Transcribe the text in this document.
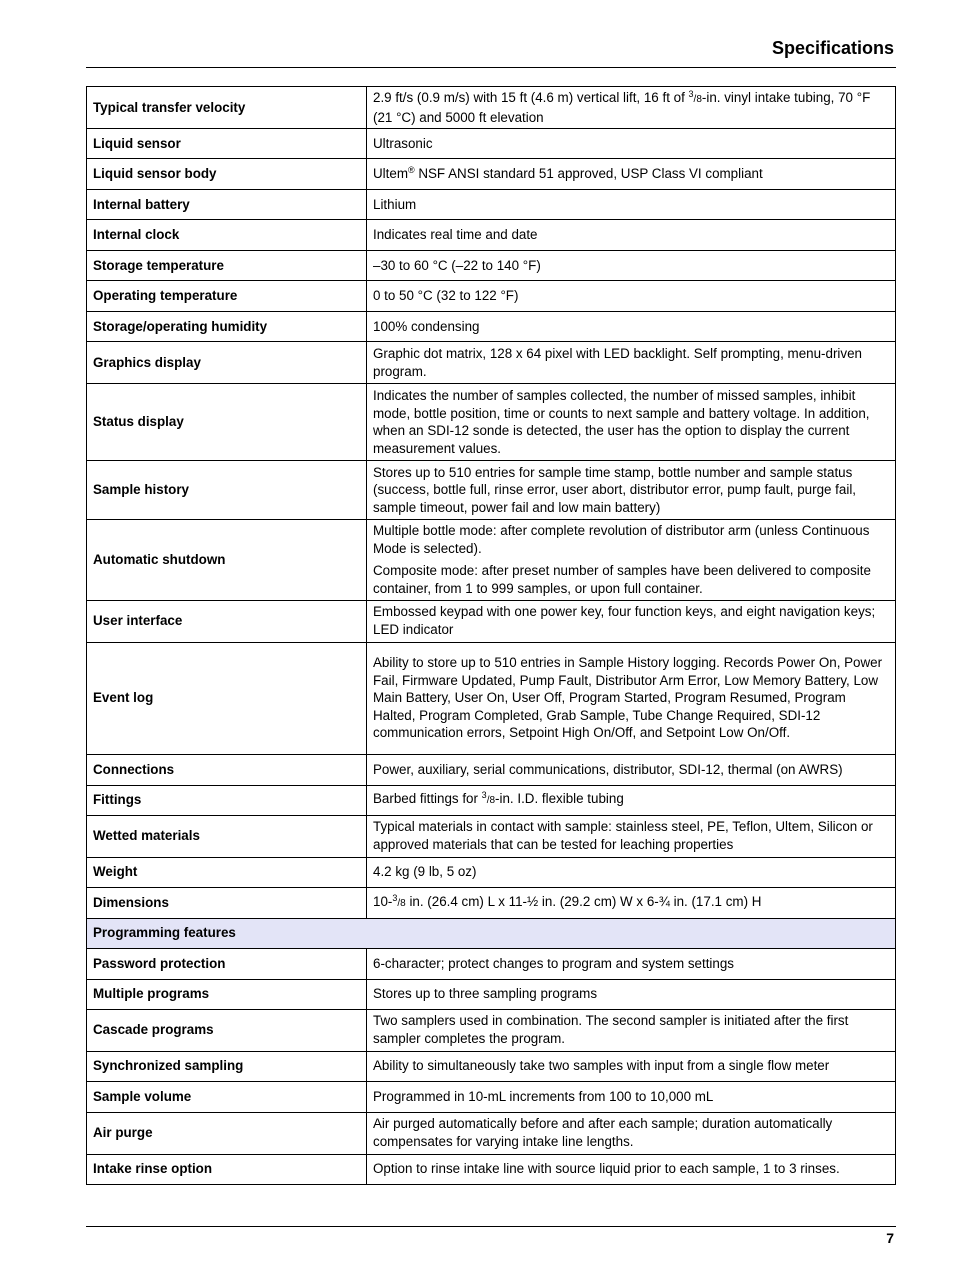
Specifications
Typical transfer velocity	2.9 ft/s (0.9 m/s) with 15 ft (4.6 m) vertical lift, 16 ft of $^3$/8-in. vinyl intake tubing, 70 °F (21 °C) and 5000 ft elevation
Liquid sensor	Ultrasonic
Liquid sensor body	Ultem® NSF ANSI standard 51 approved, USP Class VI compliant
Internal battery	Lithium
Internal clock	Indicates real time and date
Storage temperature	–30 to 60 °C (–22 to 140 °F)
Operating temperature	0 to 50 °C (32 to 122 °F)
Storage/operating humidity	100% condensing
Graphics display	Graphic dot matrix, 128 x 64 pixel with LED backlight. Self prompting, menu-driven program.
Status display	Indicates the number of samples collected, the number of missed samples, inhibit mode, bottle position, time or counts to next sample and battery voltage. In addition, when an SDI-12 sonde is detected, the user has the option to display the current measurement values.
Sample history	Stores up to 510 entries for sample time stamp, bottle number and sample status (success, bottle full, rinse error, user abort, distributor error, pump fault, purge fail, sample timeout, power fail and low main battery)
Automatic shutdown	Multiple bottle mode: after complete revolution of distributor arm (unless Continuous Mode is selected).
Composite mode: after preset number of samples have been delivered to composite container, from 1 to 999 samples, or upon full container.

User interface	Embossed keypad with one power key, four function keys, and eight navigation keys; LED indicator
Event log	Ability to store up to 510 entries in Sample History logging. Records Power On, Power Fail, Firmware Updated, Pump Fault, Distributor Arm Error, Low Memory Battery, Low Main Battery, User On, User Off, Program Started, Program Resumed, Program Halted, Program Completed, Grab Sample, Tube Change Required, SDI-12 communication errors, Setpoint High On/Off, and Setpoint Low On/Off.
Connections	Power, auxiliary, serial communications, distributor, SDI-12, thermal (on AWRS)
Fittings	Barbed fittings for $^3$/8-in. I.D. flexible tubing
Wetted materials	Typical materials in contact with sample: stainless steel, PE, Teflon, Ultem, Silicon or approved materials that can be tested for leaching properties
Weight	4.2 kg (9 lb, 5 oz)
Dimensions	10-$^3$/8 in. (26.4 cm) L x 11-½ in. (29.2 cm) W x 6-¾ in. (17.1 cm) H
Programming features	
Password protection	6-character; protect changes to program and system settings
Multiple programs	Stores up to three sampling programs
Cascade programs	Two samplers used in combination. The second sampler is initiated after the first sampler completes the program.
Synchronized sampling	Ability to simultaneously take two samples with input from a single flow meter
Sample volume	Programmed in 10-mL increments from 100 to 10,000 mL
Air purge	Air purged automatically before and after each sample; duration automatically compensates for varying intake line lengths.
Intake rinse option	Option to rinse intake line with source liquid prior to each sample, 1 to 3 rinses.
7
